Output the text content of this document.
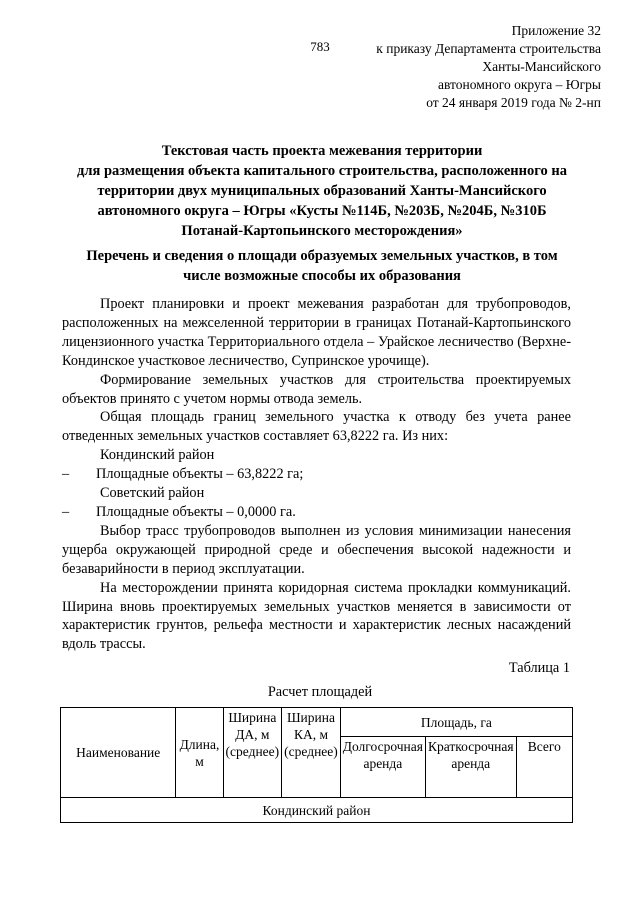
783
Приложение 32
к приказу Департамента строительства
Ханты-Мансийского
автономного округа – Югры
от 24 января 2019 года № 2-нп
Текстовая часть проекта межевания территории
для размещения объекта капитального строительства, расположенного на
территории двух муниципальных образований Ханты-Мансийского
автономного округа – Югры «Кусты №114Б, №203Б, №204Б, №310Б
Потанай-Картопьинского месторождения»
Перечень и сведения о площади образуемых земельных участков, в том
числе возможные способы их образования

Проект планировки и проект межевания разработан для трубопроводов, расположенных на межселенной территории в границах Потанай-Картопьинского лицензионного участка Территориального отдела – Урайское лесничество (Верхне-Кондинское участковое лесничество, Супринское урочище).

Формирование земельных участков для строительства проектируемых объектов принято с учетом нормы отвода земель.

Общая площадь границ земельного участка к отводу без учета ранее отведенных земельных участков составляет 63,8222 га. Из них:

Кондинский район

–	Площадные объекты – 63,8222 га;

Советский район

–	Площадные объекты – 0,0000 га.

Выбор трасс трубопроводов выполнен из условия минимизации нанесения ущерба окружающей природной среде и обеспечения высокой надежности и безаварийности в период эксплуатации.

На месторождении принята коридорная система прокладки коммуникаций. Ширина вновь проектируемых земельных участков меняется в зависимости от характеристик грунтов, рельефа местности и характеристик лесных насаждений вдоль трассы.

Таблица 1
Расчет площадей
Наименование	Длина, м	Ширина ДА, м (среднее)	Ширина КА, м (среднее)	Площадь, га		
				Долгосрочная аренда	Краткосрочная аренда	Всего
Кондинский район						
